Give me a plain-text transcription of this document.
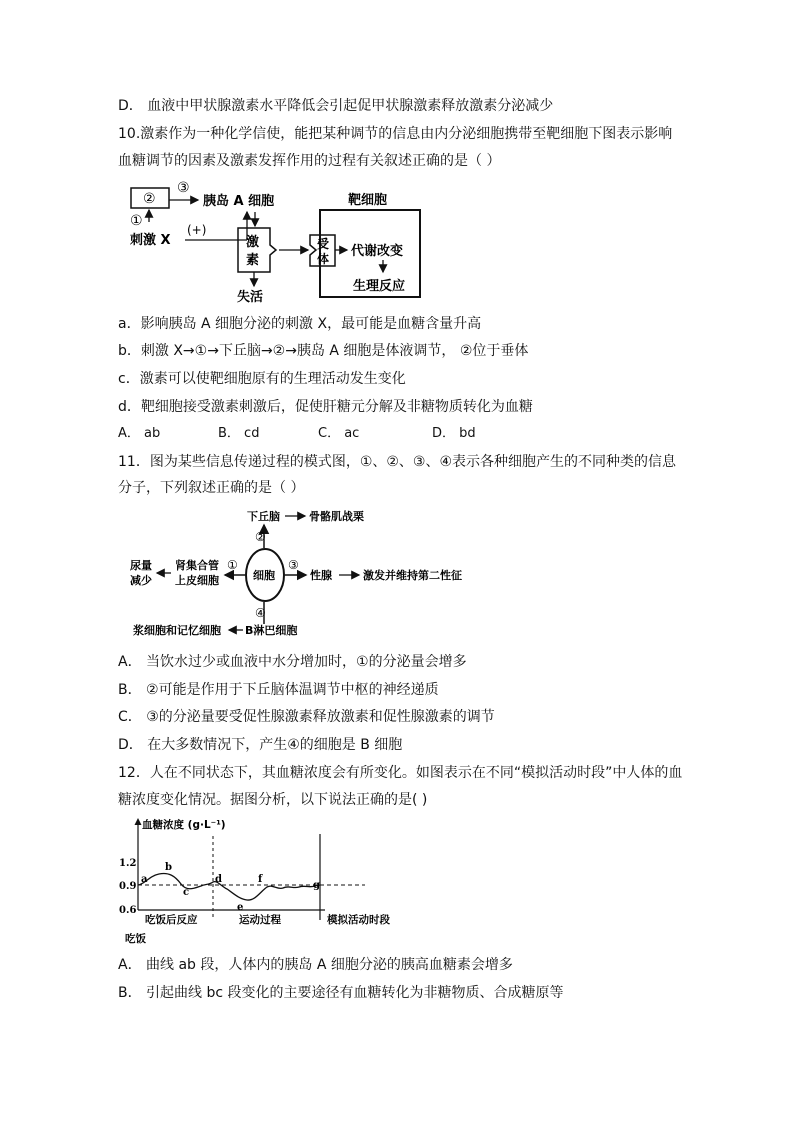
D． 血液中甲状腺激素水平降低会引起促甲状腺激素释放激素分泌减少
10.激素作为一种化学信使，能把某种调节的信息由内分泌细胞携带至靶细胞下图表示影响
血糖调节的因素及激素发挥作用的过程有关叙述正确的是（ ）
②
③
胰岛 A 细胞
①
刺激 X
(+)
激
素
失活
靶细胞
受
体 代谢改变
生理反应
a．影响胰岛 A 细胞分泌的刺激 X，最可能是血糖含量升高
b．刺激 X→①→下丘脑→②→胰岛 A 细胞是体液调节， ②位于垂体
c．激素可以使靶细胞原有的生理活动发生变化
d．靶细胞接受激素刺激后，促使肝糖元分解及非糖物质转化为血糖
A． ab	B． cd	C． ac	D． bd
11．图为某些信息传递过程的模式图，①、②、③、④表示各种细胞产生的不同种类的信息
分子，下列叙述正确的是（ ）
下丘脑	骨骼肌战栗
②
尿量
减少
肾集合管
上皮细胞
①
细胞
③
性腺	激发并维持第二性征
④
浆细胞和记忆细胞 B淋巴细胞
A． 当饮水过少或血液中水分增加时，①的分泌量会增多
B． ②可能是作用于下丘脑体温调节中枢的神经递质
C． ③的分泌量要受促性腺激素释放激素和促性腺激素的调节
D． 在大多数情况下，产生④的细胞是 B 细胞
12．人在不同状态下，其血糖浓度会有所变化。如图表示在不同“模拟活动时段”中人体的血
糖浓度变化情况。据图分析，以下说法正确的是( )
血糖浓度 (g·L⁻¹)
1.2
0.9
0.6
a
b
c
d
e
f
g
吃饭后反应	运动过程	模拟活动时段
吃饭
A． 曲线 ab 段，人体内的胰岛 A 细胞分泌的胰高血糖素会增多
B． 引起曲线 bc 段变化的主要途径有血糖转化为非糖物质、合成糖原等
